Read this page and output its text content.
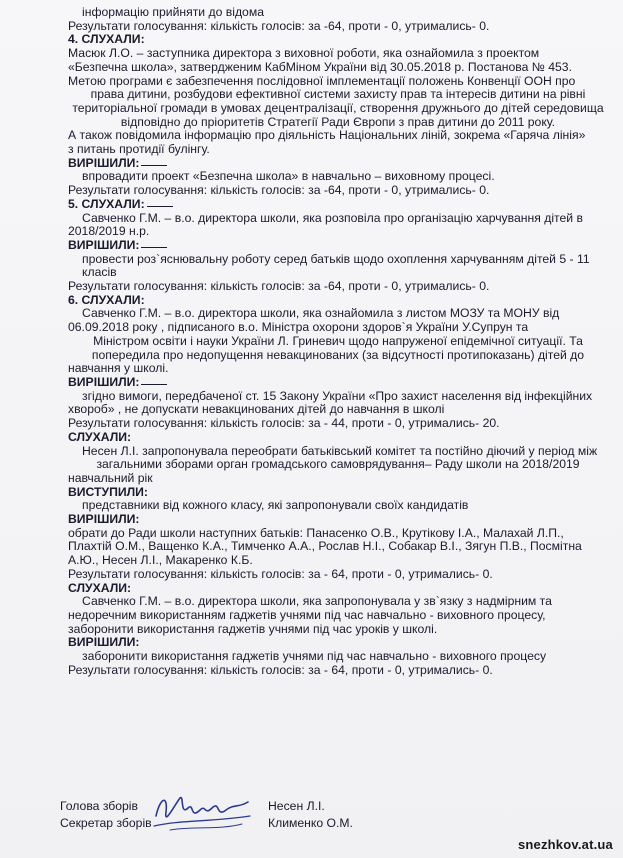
інформацію прийняти до відома
Результати голосування: кількість голосів: за -64, проти - 0, утримались- 0.
4. СЛУХАЛИ:
Масюк Л.О. – заступника директора з виховної роботи, яка ознайомила з проектом
«Безпечна школа», затвердженим КабМіном України від 30.05.2018 р. Постанова № 453.
Метою програми є забезпечення послідовної імплементації положень Конвенції ООН про
права дитини, розбудови ефективної системи захисту прав та інтересів дитини на рівні
територіальної громади в умовах децентралізації, створення дружнього до дітей середовища
відповідно до пріоритетів Стратегії Ради Європи з прав дитини до 2011 року.
А також повідомила інформацію про діяльність Національних ліній, зокрема «Гаряча лінія»
з питань протидії булінгу.
ВИРІШИЛИ:
впровадити проект «Безпечна школа» в навчально – виховному процесі.
Результати голосування: кількість голосів: за -64, проти - 0, утримались- 0.
5. СЛУХАЛИ:
Савченко Г.М. – в.о. директора школи, яка розповіла про організацію харчування дітей в
2018/2019 н.р.
ВИРІШИЛИ:
провести роз`яснювальну роботу серед батьків щодо охоплення харчуванням дітей 5 - 11
класів
Результати голосування: кількість голосів: за -64, проти - 0, утримались- 0.
6. СЛУХАЛИ:
Савченко Г.М. – в.о. директора школи, яка ознайомила з листом МОЗУ та МОНУ від
06.09.2018 року , підписаного в.о. Міністра охорони здоров`я України У.Супрун та
Міністром освіти і науки України Л. Гриневич щодо напруженої епідемічної ситуації. Та
попередила про недопущення невакцинованих (за відсутності протипоказань) дітей до
навчання у школі.
ВИРІШИЛИ:
згідно вимоги, передбаченої ст. 15 Закону України «Про захист населення від інфекційних
хвороб» , не допускати невакцинованих дітей до навчання в школі
Результати голосування: кількість голосів: за - 44, проти - 0, утримались- 20.
СЛУХАЛИ:
Несен Л.І. запропонувала переобрати батьківський комітет та постійно діючий у період між
загальними зборами орган громадського самоврядування– Раду школи на 2018/2019
навчальний рік
ВИСТУПИЛИ:
представники від кожного класу, які запропонували своїх кандидатів
ВИРІШИЛИ:
обрати до Ради школи наступних батьків: Панасенко О.В., Крутікову І.А., Малахай Л.П.,
Плахтій О.М., Ващенко К.А., Тимченко А.А., Рослав Н.І., Собакар В.І., Зягун П.В., Посмітна
А.Ю., Несен Л.І., Макаренко К.Б.
Результати голосування: кількість голосів: за - 64, проти - 0, утримались- 0.
СЛУХАЛИ:
Савченко Г.М. – в.о. директора школи, яка запропонувала у зв`язку з надмірним та
недоречним використанням гаджетів учнями під час навчально - виховного процесу,
заборонити використання гаджетів учнями під час уроків у школі.
ВИРІШИЛИ:
заборонити використання гаджетів учнями під час навчально - виховного процесу
Результати голосування: кількість голосів: за - 64, проти - 0, утримались- 0.
Голова зборів	Несен Л.І.
Секретар зборів	Клименко О.М.
snezhkov.at.ua
